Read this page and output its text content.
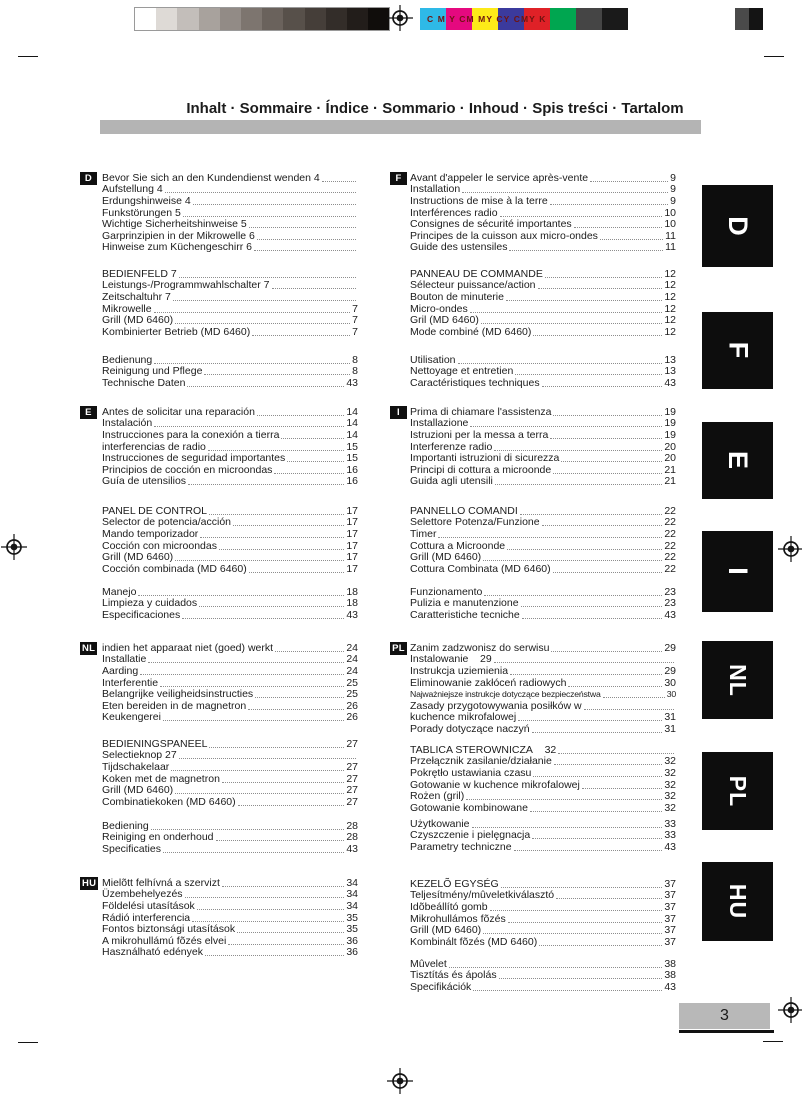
C M Y CM MY CY CMY K
Inhalt · Sommaire · Índice · Sommario · Inhoud · Spis treści · Tartalom
3
D
F
E
I
NL
PL
HU
D Bevor Sie sich an den Kundendienst wenden 4
Aufstellung 4
Erdungshinweise 4
Funkstörungen 5
Wichtige Sicherheitshinweise 5
Garprinzipien in der Mikrowelle 6
Hinweise zum Küchengeschirr 6
BEDIENFELD 7
Leistungs-/Programmwahlschalter 7
Zeitschaltuhr 7
Mikrowelle	7
Grill (MD 6460)	7
Kombinierter Betrieb (MD 6460)	7
Bedienung	8
Reinigung und Pflege	8
Technische Daten	43
E Antes de solicitar una reparación	14
Instalación	14
Instrucciones para la conexión a tierra	14
interferencias de radio	15
Instrucciones de seguridad importantes	15
Principios de cocción en microondas	16
Guía de utensilios	16
PANEL DE CONTROL	17
Selector de potencia/acción	17
Mando temporizador	17
Cocción con microondas	17
Grill (MD 6460)	17
Cocción combinada (MD 6460)	17
Manejo	18
Limpieza y cuidados	18
Especificaciones	43
NL indien het apparaat niet (goed) werkt	24
Installatie	24
Aarding	24
Interferentie	25
Belangrijke veiligheidsinstructies	25
Eten bereiden in de magnetron	26
Keukengerei	26
BEDIENINGSPANEEL	27
Selectieknop 27
Tijdschakelaar	27
Koken met de magnetron	27
Grill (MD 6460)	27
Combinatiekoken (MD 6460)	27
Bediening	28
Reiniging en onderhoud	28
Specificaties	43
HU Mielõtt felhívná a szervizt	34
Üzembehelyezés	34
Földelési utasítások	34
Rádió interferencia	35
Fontos biztonsági utasítások	35
A mikrohullámú fõzés elvei	36
Használható edények	36
F Avant d'appeler le service après-vente	9
Installation	9
Instructions de mise à la terre	9
Interférences radio	10
Consignes de sécurité importantes	10
Principes de la cuisson aux micro-ondes	11
Guide des ustensiles	11
PANNEAU DE COMMANDE	12
Sélecteur puissance/action	12
Bouton de minuterie	12
Micro-ondes	12
Gril (MD 6460)	12
Mode combiné (MD 6460)	12
Utilisation	13
Nettoyage et entretien	13
Caractéristiques techniques	43
I Prima di chiamare l'assistenza	19
Installazione	19
Istruzioni per la messa a terra	19
Interferenze radio	20
Importanti istruzioni di sicurezza	20
Principi di cottura a microonde	21
Guida agli utensili	21
PANNELLO COMANDI	22
Selettore Potenza/Funzione	22
Timer	22
Cottura a Microonde	22
Grill (MD 6460)	22
Cottura Combinata (MD 6460)	22
Funzionamento	23
Pulizia e manutenzione	23
Caratteristiche tecniche	43
PL Zanim zadzwonisz do serwisu	29
Instalowanie    29
Instrukcja uziemienia	29
Eliminowanie zakłóceń radiowych	30
Najważniejsze instrukcje dotyczące bezpieczeństwa	30
Zasady przygotowywania posiłków w
kuchence mikrofalowej	31
Porady dotyczące naczyń	31
TABLICA STEROWNICZA    32
Przełącznik zasilanie/działanie	32
Pokrętło ustawiania czasu	32
Gotowanie w kuchence mikrofalowej	32
Rożen (gril)	32
Gotowanie kombinowane	32
Użytkowanie	33
Czyszczenie i pielęgnacja	33
Parametry techniczne	43
KEZELÕ EGYSÉG	37
Teljesítmény/mûveletkiválasztó	37
Idõbeállító gomb	37
Mikrohullámos fõzés	37
Grill (MD 6460)	37
Kombinált fõzés (MD 6460)	37
Mûvelet	38
Tisztítás és ápolás	38
Specifikációk	43
